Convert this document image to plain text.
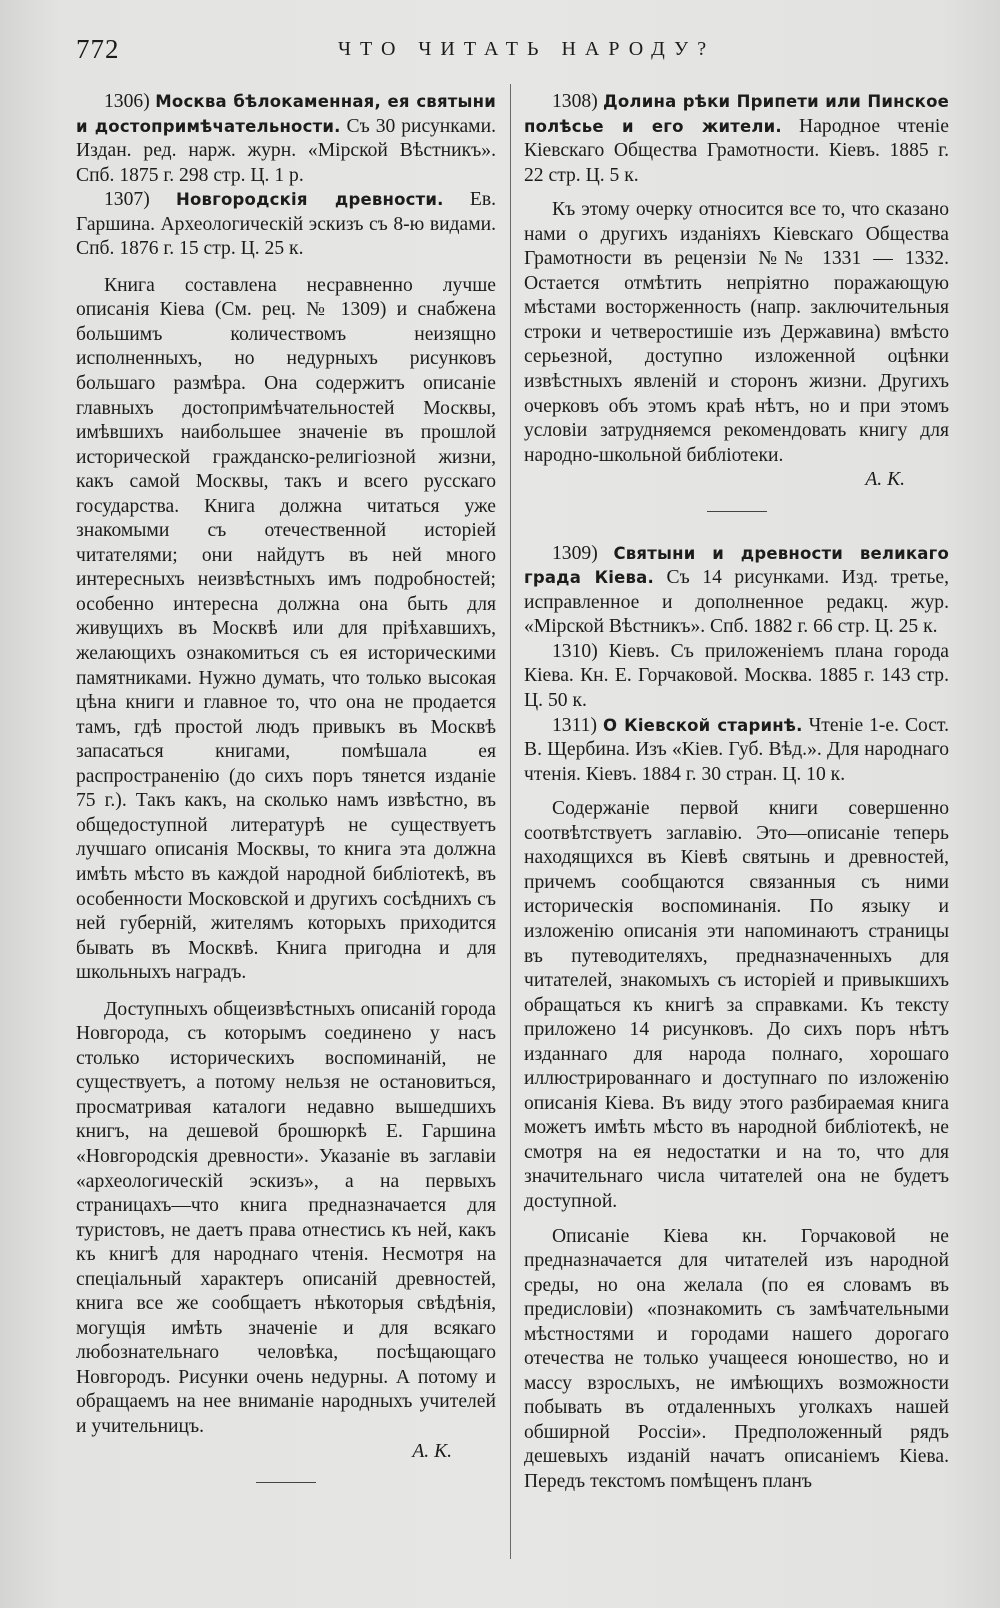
772	ЧТО ЧИТАТЬ НАРОДУ?

1306) Москва бѣлокаменная, ея святыни и достопримѣчательности. Съ 30 рисунками. Издан. ред. нарж. журн. «Мірской Вѣстникъ». Спб. 1875 г. 298 стр. Ц. 1 р.

1307) Новгородскія древности. Ев. Гаршина. Археологическій эскизъ съ 8-ю видами. Спб. 1876 г. 15 стр. Ц. 25 к.

Книга составлена несравненно лучше описанія Кіева (См. рец. № 1309) и снабжена большимъ количествомъ неизящно исполненныхъ, но недурныхъ рисунковъ большаго размѣра. Она содержитъ описаніе главныхъ достопримѣчательностей Москвы, имѣвшихъ наибольшее значеніе въ прошлой исторической гражданско-религіозной жизни, какъ самой Москвы, такъ и всего русскаго государства. Книга должна читаться уже знакомыми съ отечественной исторіей читателями; они найдутъ въ ней много интересныхъ неизвѣстныхъ имъ подробностей; особенно интересна должна она быть для живущихъ въ Москвѣ или для пріѣхавшихъ, желающихъ ознакомиться съ ея историческими памятниками. Нужно думать, что только высокая цѣна книги и главное то, что она не продается тамъ, гдѣ простой людъ привыкъ въ Москвѣ запасаться книгами, помѣшала ея распространенію (до сихъ поръ тянется изданіе 75 г.). Такъ какъ, на сколько намъ извѣстно, въ общедоступной литературѣ не существуетъ лучшаго описанія Москвы, то книга эта должна имѣть мѣсто въ каждой народной библіотекѣ, въ особенности Московской и другихъ сосѣднихъ съ ней губерній, жителямъ которыхъ приходится бывать въ Москвѣ. Книга пригодна и для школьныхъ наградъ.

Доступныхъ общеизвѣстныхъ описаній города Новгорода, съ которымъ соединено у насъ столько историческихъ воспоминаній, не существуетъ, а потому нельзя не остановиться, просматривая каталоги недавно вышедшихъ книгъ, на дешевой брошюркѣ Е. Гаршина «Новгородскія древности». Указаніе въ заглавіи «археологическій эскизъ», а на первыхъ страницахъ—что книга предназначается для туристовъ, не даетъ права отнестись къ ней, какъ къ книгѣ для народнаго чтенія. Несмотря на спеціальный характеръ описаній древностей, книга все же сообщаетъ нѣкоторыя свѣдѣнія, могущія имѣть значеніе и для всякаго любознательнаго человѣка, посѣщающаго Новгородъ. Рисунки очень недурны. А потому и обращаемъ на нее вниманіе народныхъ учителей и учительницъ.

А. К.

1308) Долина рѣки Припети или Пинское полѣсье и его жители. Народное чтеніе Кіевскаго Общества Грамотности. Кіевъ. 1885 г. 22 стр. Ц. 5 к.

Къ этому очерку относится все то, что сказано нами о другихъ изданіяхъ Кіевскаго Общества Грамотности въ рецензіи №№ 1331 — 1332. Остается отмѣтить непріятно поражающую мѣстами восторженность (напр. заключительныя строки и четверостишіе изъ Державина) вмѣсто серьезной, доступно изложенной оцѣнки извѣстныхъ явленій и сторонъ жизни. Другихъ очерковъ объ этомъ краѣ нѣтъ, но и при этомъ условіи затрудняемся рекомендовать книгу для народно-школьной библіотеки.

А. К.

1309) Святыни и древности великаго града Кіева. Съ 14 рисунками. Изд. третье, исправленное и дополненное редакц. жур. «Мірской Вѣстникъ». Спб. 1882 г. 66 стр. Ц. 25 к.

1310) Кіевъ. Съ приложеніемъ плана города Кіева. Кн. Е. Горчаковой. Москва. 1885 г. 143 стр. Ц. 50 к.

1311) О Кіевской старинѣ. Чтеніе 1-е. Сост. В. Щербина. Изъ «Кіев. Губ. Вѣд.». Для народнаго чтенія. Кіевъ. 1884 г. 30 стран. Ц. 10 к.

Содержаніе первой книги совершенно соотвѣтствуетъ заглавію. Это—описаніе теперь находящихся въ Кіевѣ святынь и древностей, причемъ сообщаются связанныя съ ними историческія воспоминанія. По языку и изложенію описанія эти напоминаютъ страницы въ путеводителяхъ, предназначенныхъ для читателей, знакомыхъ съ исторіей и привыкшихъ обращаться къ книгѣ за справками. Къ тексту приложено 14 рисунковъ. До сихъ поръ нѣтъ изданнаго для народа полнаго, хорошаго иллюстрированнаго и доступнаго по изложенію описанія Кіева. Въ виду этого разбираемая книга можетъ имѣть мѣсто въ народной библіотекѣ, не смотря на ея недостатки и на то, что для значительнаго числа читателей она не будетъ доступной.

Описаніе Кіева кн. Горчаковой не предназначается для читателей изъ народной среды, но она желала (по ея словамъ въ предисловіи) «познакомить съ замѣчательными мѣстностями и городами нашего дорогаго отечества не только учащееся юношество, но и массу взрослыхъ, не имѣющихъ возможности побывать въ отдаленныхъ уголкахъ нашей обширной Россіи». Предположенный рядъ дешевыхъ изданій начатъ описаніемъ Кіева. Передъ текстомъ помѣщенъ планъ
